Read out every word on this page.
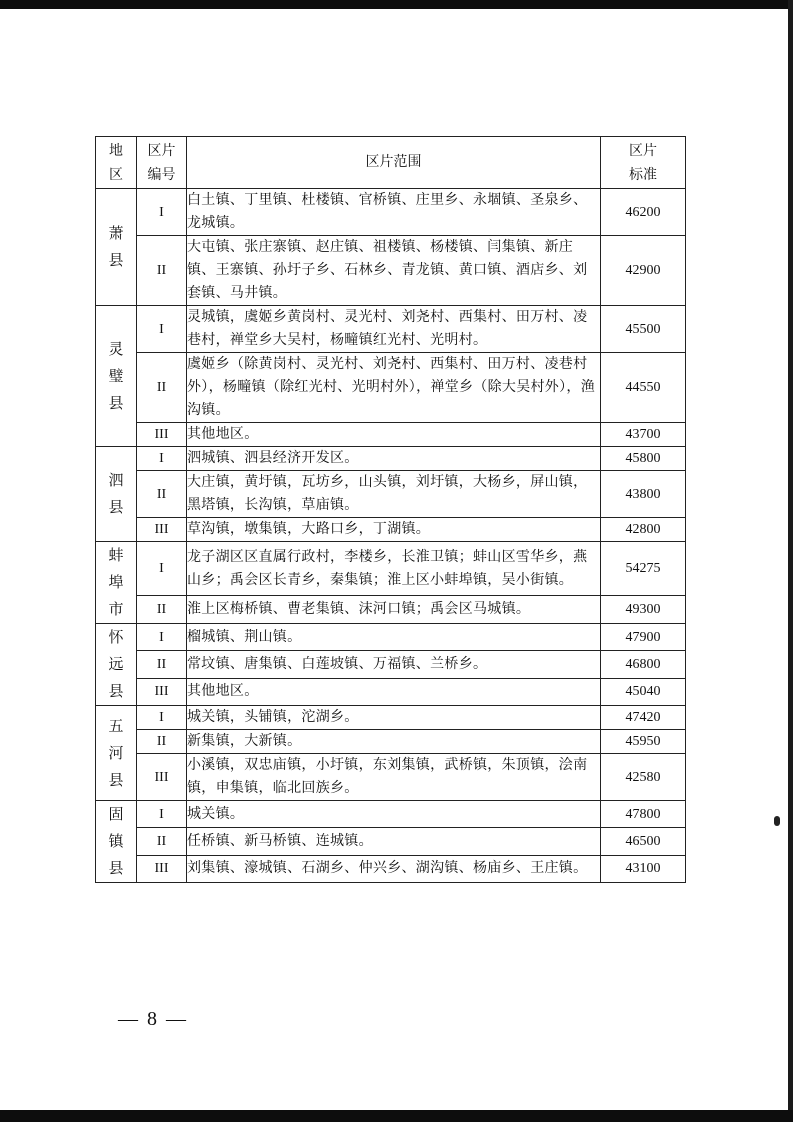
地区	区片编号	区片范围	区片标准
萧县	I	白土镇、丁里镇、杜楼镇、官桥镇、庄里乡、永堌镇、圣泉乡、龙城镇。	46200
	II	大屯镇、张庄寨镇、赵庄镇、祖楼镇、杨楼镇、闫集镇、新庄镇、王寨镇、孙圩子乡、石林乡、青龙镇、黄口镇、酒店乡、刘套镇、马井镇。	42900
灵璧县	I	灵城镇，虞姬乡黄岗村、灵光村、刘尧村、西集村、田万村、凌巷村，禅堂乡大吴村，杨疃镇红光村、光明村。	45500
	II	虞姬乡（除黄岗村、灵光村、刘尧村、西集村、田万村、凌巷村外），杨疃镇（除红光村、光明村外），禅堂乡（除大吴村外），渔沟镇。	44550
	III	其他地区。	43700
泗县	I	泗城镇、泗县经济开发区。	45800
	II	大庄镇，黄圩镇，瓦坊乡，山头镇，刘圩镇，大杨乡，屏山镇，黑塔镇，长沟镇，草庙镇。	43800
	III	草沟镇，墩集镇，大路口乡，丁湖镇。	42800
蚌埠市	I	龙子湖区区直属行政村，李楼乡，长淮卫镇；蚌山区雪华乡，燕山乡；禹会区长青乡，秦集镇；淮上区小蚌埠镇，吴小街镇。	54275
	II	淮上区梅桥镇、曹老集镇、沫河口镇；禹会区马城镇。	49300
怀远县	I	榴城镇、荆山镇。	47900
	II	常坟镇、唐集镇、白莲坡镇、万福镇、兰桥乡。	46800
	III	其他地区。	45040
五河县	I	城关镇，头铺镇，沱湖乡。	47420
	II	新集镇，大新镇。	45950
	III	小溪镇，双忠庙镇，小圩镇，东刘集镇，武桥镇，朱顶镇，浍南镇，申集镇，临北回族乡。	42580
固镇县	I	城关镇。	47800
	II	任桥镇、新马桥镇、连城镇。	46500
	III	刘集镇、濠城镇、石湖乡、仲兴乡、湖沟镇、杨庙乡、王庄镇。	43100
— 8 —
